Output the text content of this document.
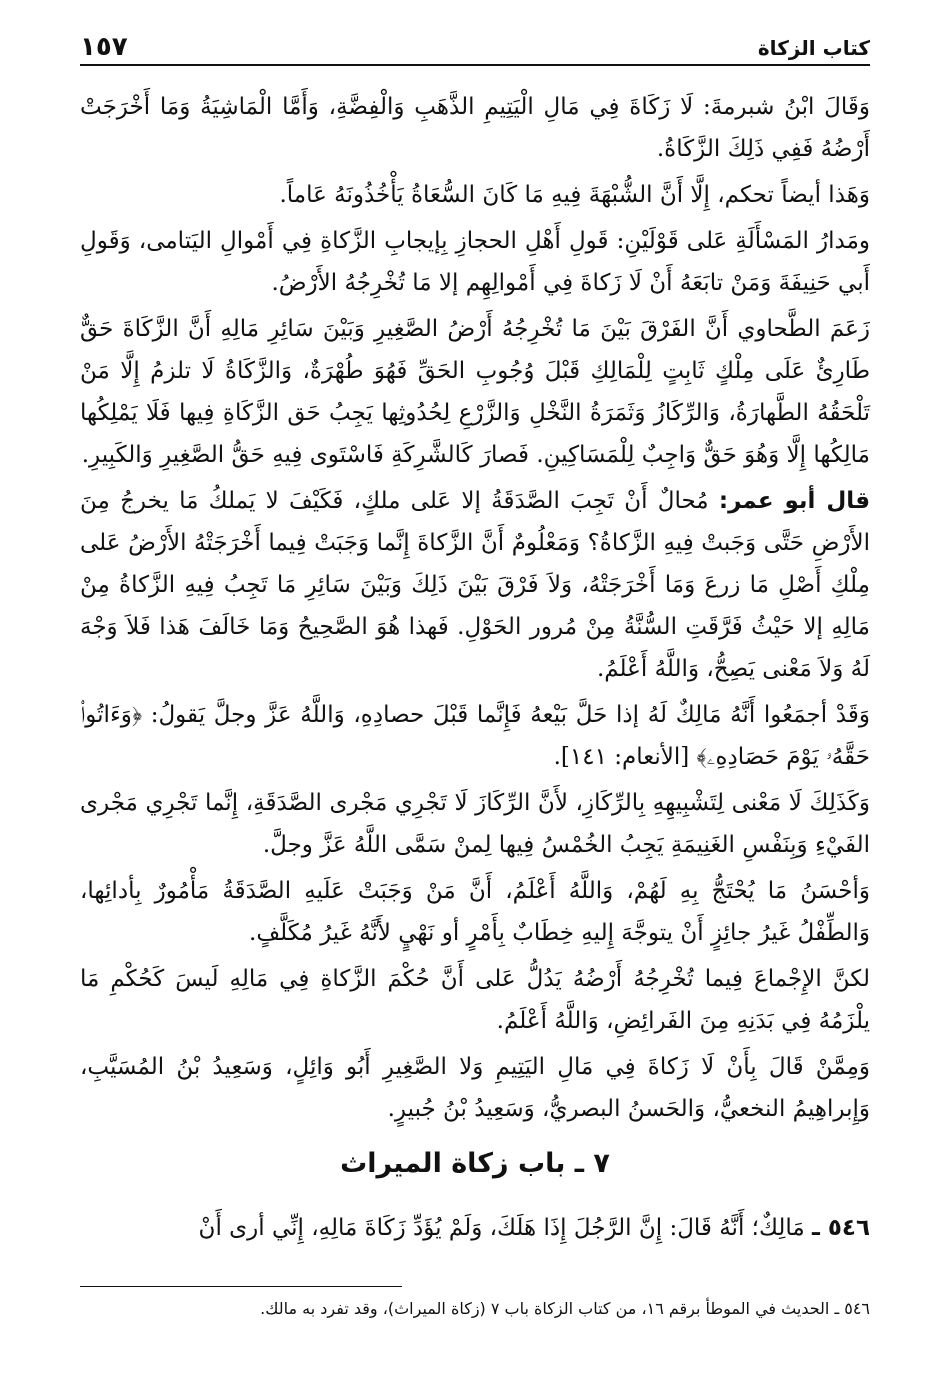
كتاب الزكاة
١٥٧

وَقَالَ ابْنُ شبرمةَ: لَا زَكَاةَ فِي مَالِ الْيَتِيمِ الذَّهَبِ وَالْفِضَّةِ، وَأَمَّا الْمَاشِيَةُ وَمَا أَخْرَجَتْ أَرْضُهُ فَفِي ذَلِكَ الزَّكَاةُ.

وَهَذا أيضاً تحكم، إِلَّا أَنَّ الشُّبْهَةَ فِيهِ مَا كَانَ السُّعَاةُ يَأْخُذُونَهُ عَاماً.

ومَدارُ المَسْأَلَةِ عَلى قَوْلَيْنِ: قَولِ أَهْلِ الحجازِ بِإيجابِ الزَّكاةِ فِي أَمْوالِ اليَتامى، وَقَولِ أَبي حَنِيفَةَ وَمَنْ تابَعَهُ أَنْ لَا زَكاةَ فِي أَمْوالِهِم إلا مَا تُخْرِجُهُ الأَرْضُ.

زَعَمَ الطَّحاوي أَنَّ الفَرْقَ بَيْنَ مَا تُخْرِجُهُ أَرْضُ الصَّغِيرِ وَبَيْنَ سَائِرِ مَالِهِ أَنَّ الزَّكَاةَ حَقٌّ طَارِئٌ عَلَى مِلْكٍ ثَابِتٍ لِلْمَالِكِ قَبْلَ وُجُوبِ الحَقِّ فَهُوَ طُهْرَةٌ، وَالزَّكَاةُ لَا تلزمُ إِلَّا مَنْ تَلْحَقُهُ الطَّهارَةُ، وَالرِّكَازُ وَثَمَرَةُ النَّخْلِ وَالزَّرْعِ لِحُدُوثِها يَجِبُ حَق الزَّكَاةِ فِيها فَلَا يَمْلِكُها مَالِكُها إِلَّا وَهُوَ حَقٌّ وَاجِبٌ لِلْمَسَاكِينِ. فَصارَ كَالشَّرِكَةِ فَاسْتَوى فِيهِ حَقُّ الصَّغِيرِ وَالكَبِيرِ.

قال أبو عمر: مُحالٌ أَنْ تَجِبَ الصَّدَقَةُ إلا عَلى ملكٍ، فَكَيْفَ لا يَملكُ مَا يخرجُ مِنَ الأَرْضِ حَتَّى وَجَبتْ فِيهِ الزَّكاةُ؟ وَمَعْلُومٌ أَنَّ الزَّكاةَ إِنَّما وَجَبَتْ فِيما أَخْرَجَتْهُ الأَرْضُ عَلى مِلْكِ أَصْلِ مَا زرعَ وَمَا أَخْرَجَتْهُ، وَلاَ فَرْقَ بَيْنَ ذَلِكَ وَبَيْنَ سَائِرِ مَا تَجِبُ فِيهِ الزَّكاةُ مِنْ مَالِهِ إلا حَيْثُ فَرَّقَتِ السُّنَّةُ مِنْ مُرور الحَوْلِ. فَهذا هُوَ الصَّحِيحُ وَمَا خَالَفَ هَذا فَلاَ وَجْهَ لَهُ وَلاَ مَعْنى يَصِحُّ، وَاللَّهُ أَعْلَمُ.

وَقَدْ أجمَعُوا أَنَّهُ مَالِكٌ لَهُ إذا حَلَّ بَيْعهُ فَإِنَّما قَبْلَ حصادِهِ، وَاللَّهُ عَزَّ وجلَّ يَقولُ: ﴿وَءَاتُوا۟ حَقَّهُۥ يَوْمَ حَصَادِهِۦ﴾ [الأنعام: ١٤١].

وَكَذَلِكَ لَا مَعْنى لِتَشْبِيهِهِ بِالرِّكَازِ، لأَنَّ الرِّكَازَ لَا تَجْرِي مَجْرى الصَّدَقَةِ، إِنَّما تَجْرِي مَجْرى الفَيْءِ وَبِنَفْسِ الغَنِيمَةِ يَجِبُ الخُمْسُ فِيها لِمنْ سَمَّى اللَّهُ عَزَّ وجلَّ.

وَأحْسَنُ مَا يُحْتَجُّ بِهِ لَهُمْ، وَاللَّهُ أَعْلَمُ، أَنَّ مَنْ وَجَبَتْ عَلَيهِ الصَّدَقَةُ مَأْمُورٌ بِأدائِها، وَالطِّفْلُ غَيرُ جائِزٍ أَنْ يتوجَّهَ إِليهِ خِطَابٌ بِأَمْرٍ أو نَهْيٍ لأَنَّهُ غَيرُ مُكَلَّفٍ.

لكنَّ الإِجْماعَ فِيما تُخْرِجُهُ أَرْضُهُ يَدُلُّ عَلى أَنَّ حُكْمَ الزَّكاةِ فِي مَالِهِ لَيسَ كَحُكْمِ مَا يلْزَمُهُ فِي بَدَنِهِ مِنَ الفَرائِضِ، وَاللَّهُ أَعْلَمُ.

وَمِمَّنْ قَالَ بِأَنْ لَا زَكاةَ فِي مَالِ اليَتِيمِ وَلا الصَّغِيرِ أَبُو وَائِلٍ، وَسَعِيدُ بْنُ المُسَيَّبِ، وَإِبراهِيمُ النخعيُّ، وَالحَسنُ البصريُّ، وَسَعِيدُ بْنُ جُبيرٍ.

٧ ـ باب زكاة الميراث

٥٤٦ ـ مَالِكٌ؛ أَنَّهُ قَالَ: إِنَّ الرَّجُلَ إِذَا هَلَكَ، وَلَمْ يُؤَدِّ زَكَاةَ مَالِهِ، إِنِّي أرى أَنْ

٥٤٦ ـ الحديث في الموطأ برقم ١٦، من كتاب الزكاة باب ٧ (زكاة الميراث)، وقد تفرد به مالك.
